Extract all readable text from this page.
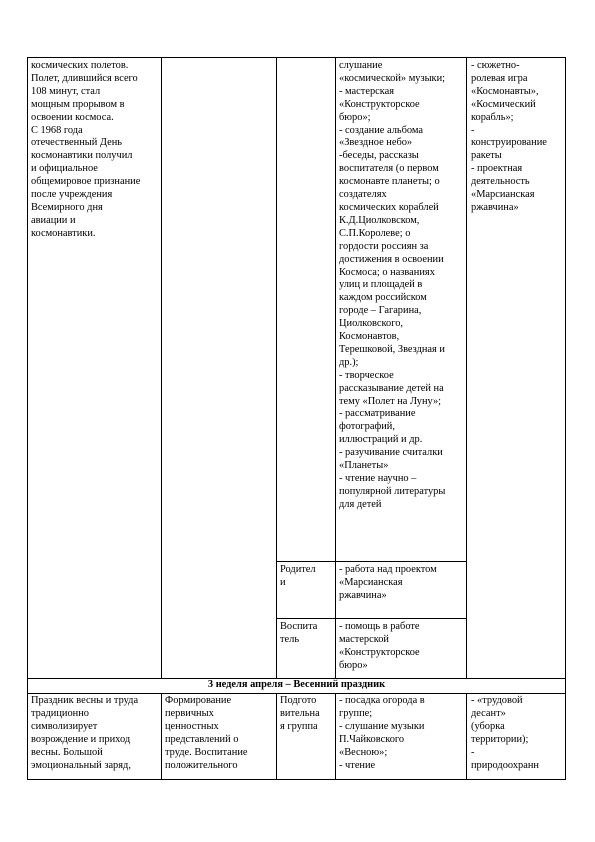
космических полетов.

Полет, длившийся всего

108 минут, стал

мощным прорывом в

освоении космоса.

С 1968 года

отечественный День

космонавтики получил

и официальное

общемировое признание

после учреждения

Всемирного дня

авиации и

космонавтики.

слушание

«космической» музыки;

- мастерская

«Конструкторское

бюро»;

- создание альбома

«Звездное небо»

-беседы, рассказы

воспитателя (о первом

космонавте планеты; о

создателях

космических кораблей

К.Д.Циолковском,

С.П.Королеве; о

гордости россиян за

достижения в освоении

Космоса; о названиях

улиц и площадей в

каждом российском

городе – Гагарина,

Циолковского,

Космонавтов,

Терешковой, Звездная и

др.);

- творческое

рассказывание детей на

тему «Полет на Луну»;

- рассматривание

фотографий,

иллюстраций и др.

- разучивание считалки

«Планеты»

- чтение научно –

популярной литературы

для детей

- сюжетно-

ролевая игра

«Космонавты»,

«Космический

корабль»;

-

конструирование ракеты

- проектная

деятельность

«Марсианская

ржавчина»

Родител

и

- работа над проектом

«Марсианская

ржавчина»

Воспита

тель

- помощь в работе

мастерской

«Конструкторское

бюро»

3 неделя апреля – Весенний праздник

Праздник весны и труда

традиционно

символизирует

возрождение и приход

весны. Большой

эмоциональный заряд,

Формирование

первичных

ценностных

представлений о

труде. Воспитание

положительного

Подгото

вительна

я группа

- посадка огорода в

группе;

- слушание музыки

П.Чайковского

«Весною»;

- чтение

- «трудовой

десант»

(уборка

территории);

-

природоохранн
